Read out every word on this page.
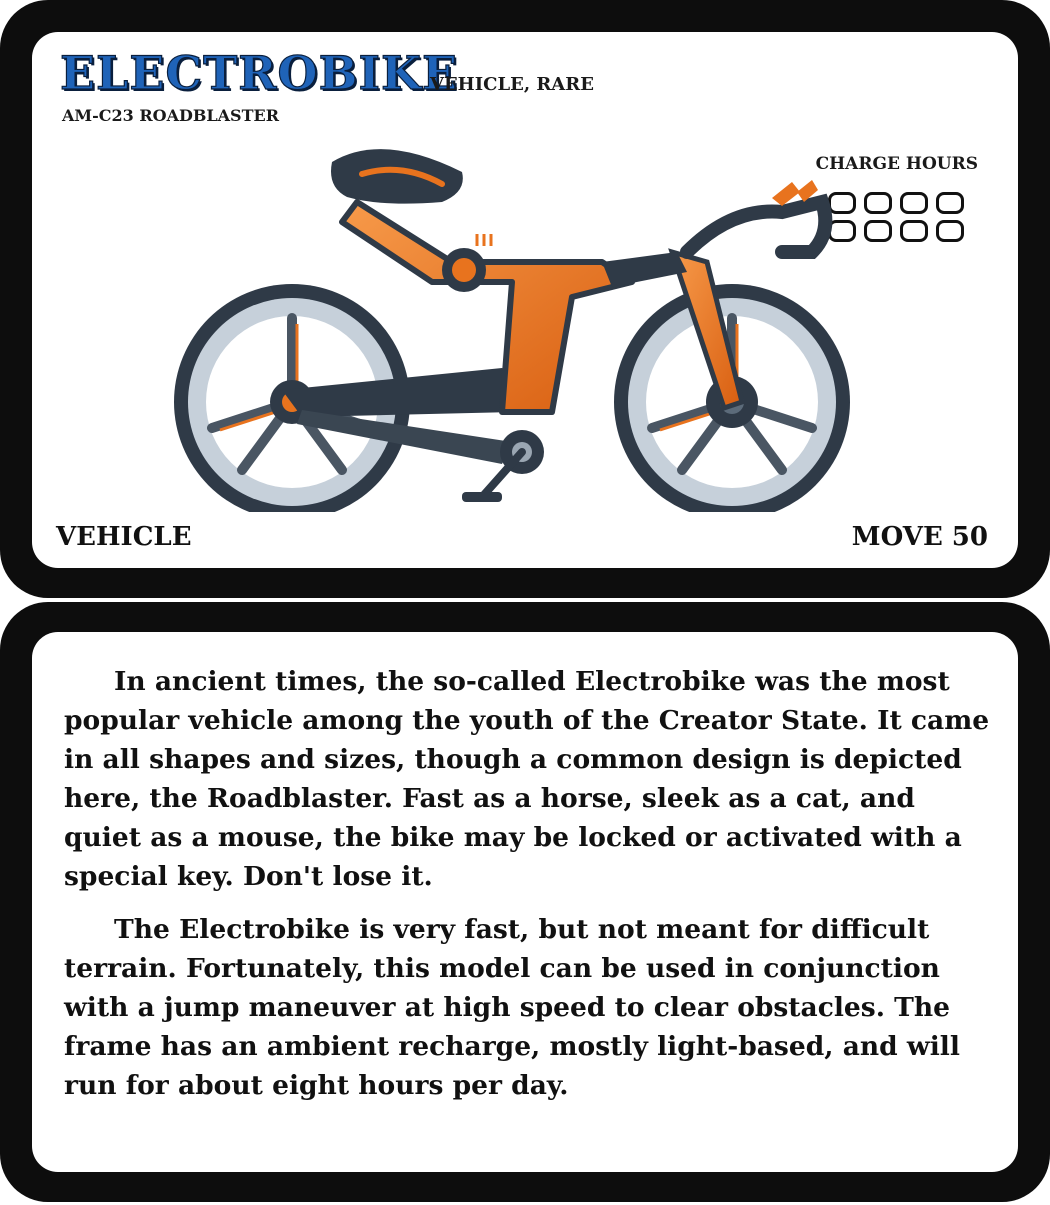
ELECTROBIKE
VEHICLE, RARE
AM-C23 ROADBLASTER
CHARGE HOURS
VEHICLE	MOVE 50

In ancient times, the so-called Electrobike was the most popular vehicle among the youth of the Creator State. It came in all shapes and sizes, though a common design is depicted here, the Roadblaster. Fast as a horse, sleek as a cat, and quiet as a mouse, the bike may be locked or activated with a special key. Don't lose it.

The Electrobike is very fast, but not meant for difficult terrain. Fortunately, this model can be used in conjunction with a jump maneuver at high speed to clear obstacles. The frame has an ambient recharge, mostly light-based, and will run for about eight hours per day.
